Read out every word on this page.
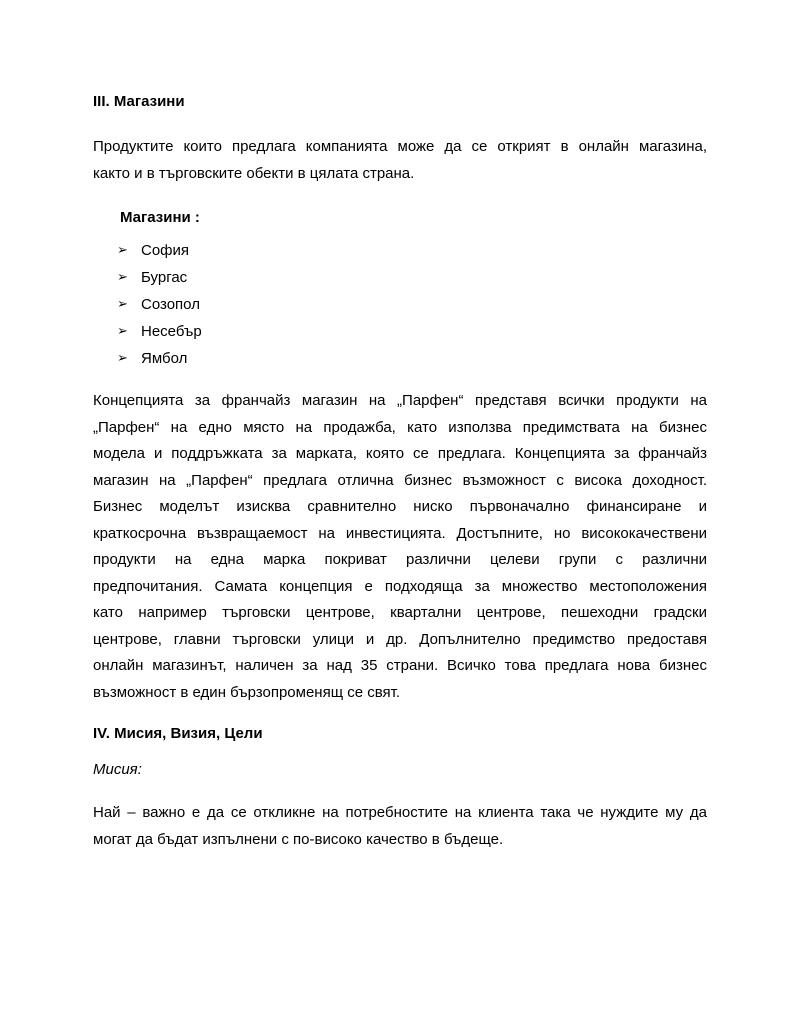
III. Магазини

Продуктите които предлага компанията може да се открият в онлайн магазина,
както и в търговските обекти в цялата страна.

Магазини :

➢ София
➢ Бургас
➢ Созопол
➢ Несебър
➢ Ямбол
Концепцията за франчайз магазин на „Парфен“ представя всички продукти на
„Парфен“ на едно място на продажба, като използва предимствата на бизнес
модела и поддръжката за марката, която се предлага. Концепцията за франчайз
магазин на „Парфен“ предлага отлична бизнес възможност с висока доходност.
Бизнес моделът изисква сравнително ниско първоначално финансиране и
краткосрочна възвращаемост на инвестицията. Достъпните, но висококачествени
продукти на една марка покриват различни целеви групи с различни
предпочитания. Самата концепция е подходяща за множество местоположения
като например търговски центрове, квартални центрове, пешеходни градски
центрове, главни търговски улици и др. Допълнително предимство предоставя
онлайн магазинът, наличен за над 35 страни. Всичко това предлага нова бизнес
възможност в един бързопроменящ се свят.

IV. Мисия, Визия, Цели

Мисия:

Най – важно е да се откликне на потребностите на клиента така че нуждите му да
могат да бъдат изпълнени с по-високо качество в бъдеще.
